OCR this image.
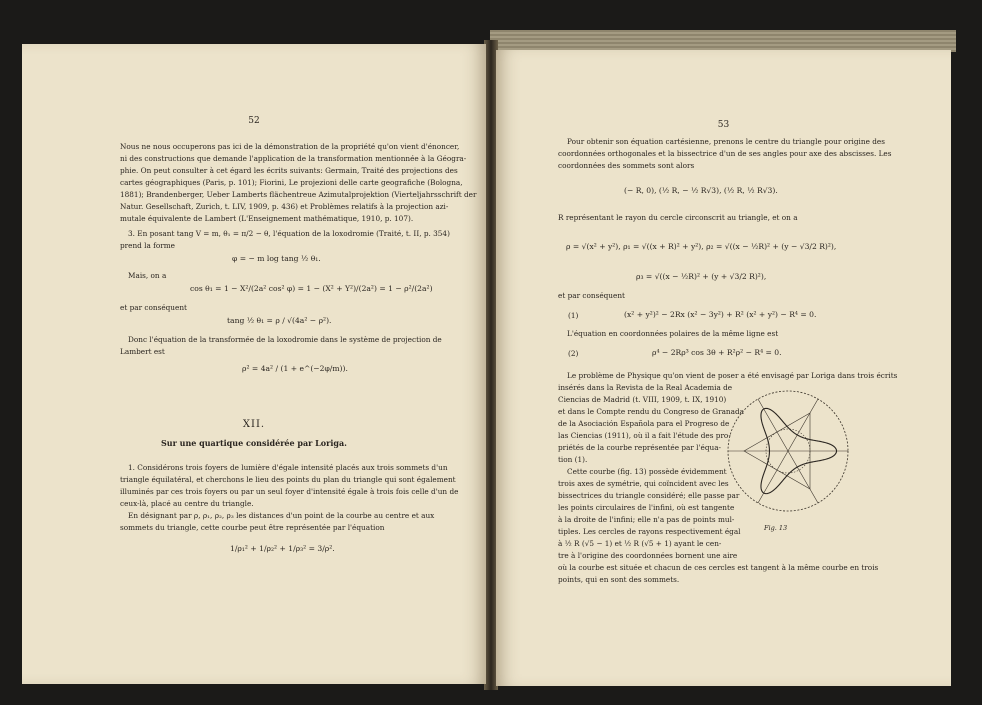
52
Nous ne nous occuperons pas ici de la démonstration de la propriété qu'on vient d'énoncer,
ni des constructions que demande l'application de la transformation mentionnée à la Géogra-
phie. On peut consulter à cet égard les écrits suivants: Germain, Traité des projections des
cartes géographiques (Paris, p. 101); Fiorini, Le projezioni delle carte geografiche (Bologna,
1881); Brandenberger, Ueber Lamberts flächentreue Azimutalprojektion (Vierteljahrsschrift der
Natur. Gesellschaft, Zurich, t. LIV, 1909, p. 436) et Problèmes relatifs à la projection azi-
mutale équivalente de Lambert (L'Enseignement mathématique, 1910, p. 107).
3. En posant tang V = m, θ₁ = π/2 − θ, l'équation de la loxodromie (Traité, t. II, p. 354)
prend la forme
φ = − m log tang ½ θ₁.
Mais, on a
cos θ₁ = 1 − X²/(2a² cos² φ) = 1 − (X² + Y²)/(2a²) = 1 − ρ²/(2a²)
et par conséquent
tang ½ θ₁ = ρ / √(4a² − ρ²).
Donc l'équation de la transformée de la loxodromie dans le système de projection de
Lambert est
ρ² = 4a² / (1 + e^(−2φ/m)).
XII.
Sur une quartique considérée par Loriga.
1. Considérons trois foyers de lumière d'égale intensité placés aux trois sommets d'un
triangle équilatéral, et cherchons le lieu des points du plan du triangle qui sont également
illuminés par ces trois foyers ou par un seul foyer d'intensité égale à trois fois celle d'un de
ceux-là, placé au centre du triangle.
En désignant par ρ, ρ₁, ρ₂, ρ₃ les distances d'un point de la courbe au centre et aux
sommets du triangle, cette courbe peut être représentée par l'équation
1/ρ₁² + 1/ρ₂² + 1/ρ₃² = 3/ρ².
53
Pour obtenir son équation cartésienne, prenons le centre du triangle pour origine des
coordonnées orthogonales et la bissectrice d'un de ses angles pour axe des abscisses. Les
coordonnées des sommets sont alors
(− R, 0), (½ R, − ½ R√3), (½ R, ½ R√3).
R représentant le rayon du cercle circonscrit au triangle, et on a
ρ = √(x² + y²), ρ₁ = √((x + R)² + y²), ρ₂ = √((x − ½R)² + (y − √3/2 R)²),
ρ₃ = √((x − ½R)² + (y + √3/2 R)²),
et par conséquent
(1)	(x² + y²)² − 2Rx (x² − 3y²) + R² (x² + y²) − R⁴ = 0.
L'équation en coordonnées polaires de la même ligne est
(2)	ρ⁴ − 2Rρ³ cos 3θ + R²ρ² − R⁴ = 0.
Le problème de Physique qu'on vient de poser a été envisagé par Loriga dans trois écrits
insérés dans la Revista de la Real Academia de
Ciencias de Madrid (t. VIII, 1909, t. IX, 1910)
et dans le Compte rendu du Congreso de Granada
de la Asociación Española para el Progreso de
las Ciencias (1911), où il a fait l'étude des pro-
priétés de la courbe représentée par l'équa-
tion (1).
Cette courbe (fig. 13) possède évidemment
trois axes de symétrie, qui coïncident avec les
bissectrices du triangle considéré; elle passe par
les points circulaires de l'infini, où est tangente
à la droite de l'infini; elle n'a pas de points mul-
tiples. Les cercles de rayons respectivement égal
à ½ R (√5 − 1) et ½ R (√5 + 1) ayant le cen-
tre à l'origine des coordonnées bornent une aire
où la courbe est située et chacun de ces cercles est tangent à la même courbe en trois
points, qui en sont des sommets.
Fig. 13
